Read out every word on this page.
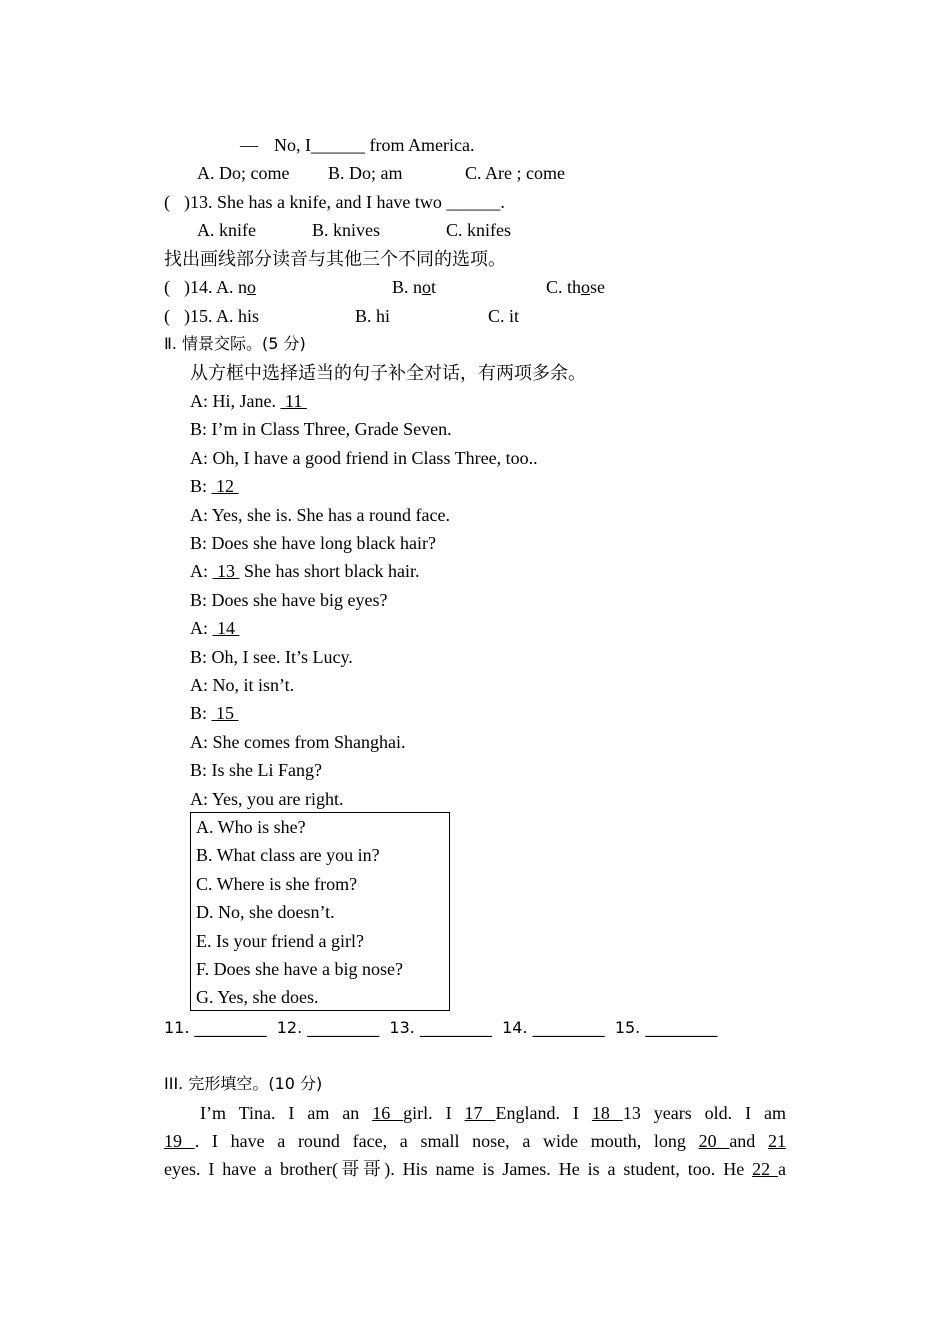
— No, I______ from America.
A. Do; come B. Do; am	C. Are ; come
( )13. She has a knife, and I have two ______.
A. knife	B. knives	C. knifes
找出画线部分读音与其他三个不同的选项。
( )14. A. no	B. not	C. those
( )15. A. his	B. hi	C. it
Ⅱ. 情景交际。(5 分)
从方框中选择适当的句子补全对话，有两项多余。
A: Hi, Jane.  11
B: I’m in Class Three, Grade Seven.
A: Oh, I have a good friend in Class Three, too..
B:  12
A: Yes, she is. She has a round face.
B: Does she have long black hair?
A:  13  She has short black hair.
B: Does she have big eyes?
A:  14
B: Oh, I see. It’s Lucy.
A: No, it isn’t.
B:  15
A: She comes from Shanghai.
B: Is she Li Fang?
A: Yes, you are right.
A. Who is she?
B. What class are you in?
C. Where is she from?
D. No, she doesn’t.
E. Is your friend a girl?
F. Does she have a big nose?
G. Yes, she does.
11. _________  12. _________  13. _________  14. _________  15. _________
III. 完形填空。(10 分)
I’m Tina. I am an 16 girl. I 17 England. I 18 13 years old. I am
19 . I have a round face, a small nose, a wide mouth, long 20 and 21
eyes. I have a brother(哥哥). His name is James. He is a student, too. He 22 a
